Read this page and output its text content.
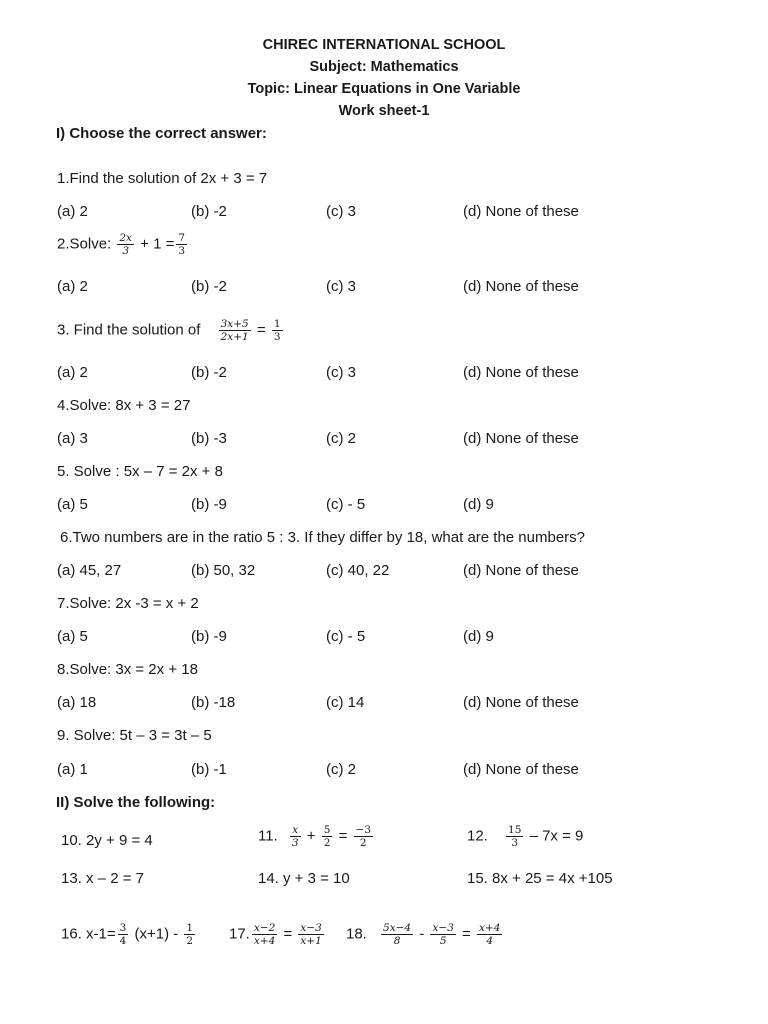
CHIREC INTERNATIONAL SCHOOL
Subject: Mathematics
Topic: Linear Equations in One Variable
Work sheet-1
I) Choose the correct answer:
1.Find the solution of 2x + 3 = 7
(a) 2	(b) -2	(c) 3	(d) None of these
2.Solve: $\frac{2x}{3} + 1 = \frac{7}{3}$
(a) 2	(b) -2	(c) 3	(d) None of these
3. Find the solution of $\frac{3x+5}{2x+1} = \frac{1}{3}$
(a) 2	(b) -2	(c) 3	(d) None of these
4.Solve: 8x + 3 = 27
(a) 3	(b) -3	(c) 2	(d) None of these
5. Solve : 5x – 7 = 2x + 8
(a) 5	(b) -9	(c) - 5	(d) 9
6.Two numbers are in the ratio 5 : 3. If they differ by 18, what are the numbers?
(a) 45, 27	(b) 50, 32	(c) 40, 22	(d) None of these
7.Solve: 2x -3 = x + 2
(a) 5	(b) -9	(c) - 5	(d) 9
8.Solve: 3x = 2x + 18
(a) 18	(b) -18	(c) 14	(d) None of these
9. Solve: 5t – 3 = 3t – 5
(a) 1	(b) -1	(c) 2	(d) None of these
II) Solve the following:
10. 2y + 9 = 4	11. $\frac{x}{3} + \frac{5}{2} = \frac{-3}{2}$	12. $\frac{15}{3} - 7x = 9$
13. x – 2 = 7	14. y + 3 = 10	15. 8x + 25 = 4x +105
16. $x-1= \frac{3}{4} (x+1) - \frac{1}{2} 17$. $\frac{x-2}{x+4} = \frac{x-3}{x+1} 18$. $\frac{5x-4}{8} - \frac{x-3}{5} = \frac{x+4}{4}$
